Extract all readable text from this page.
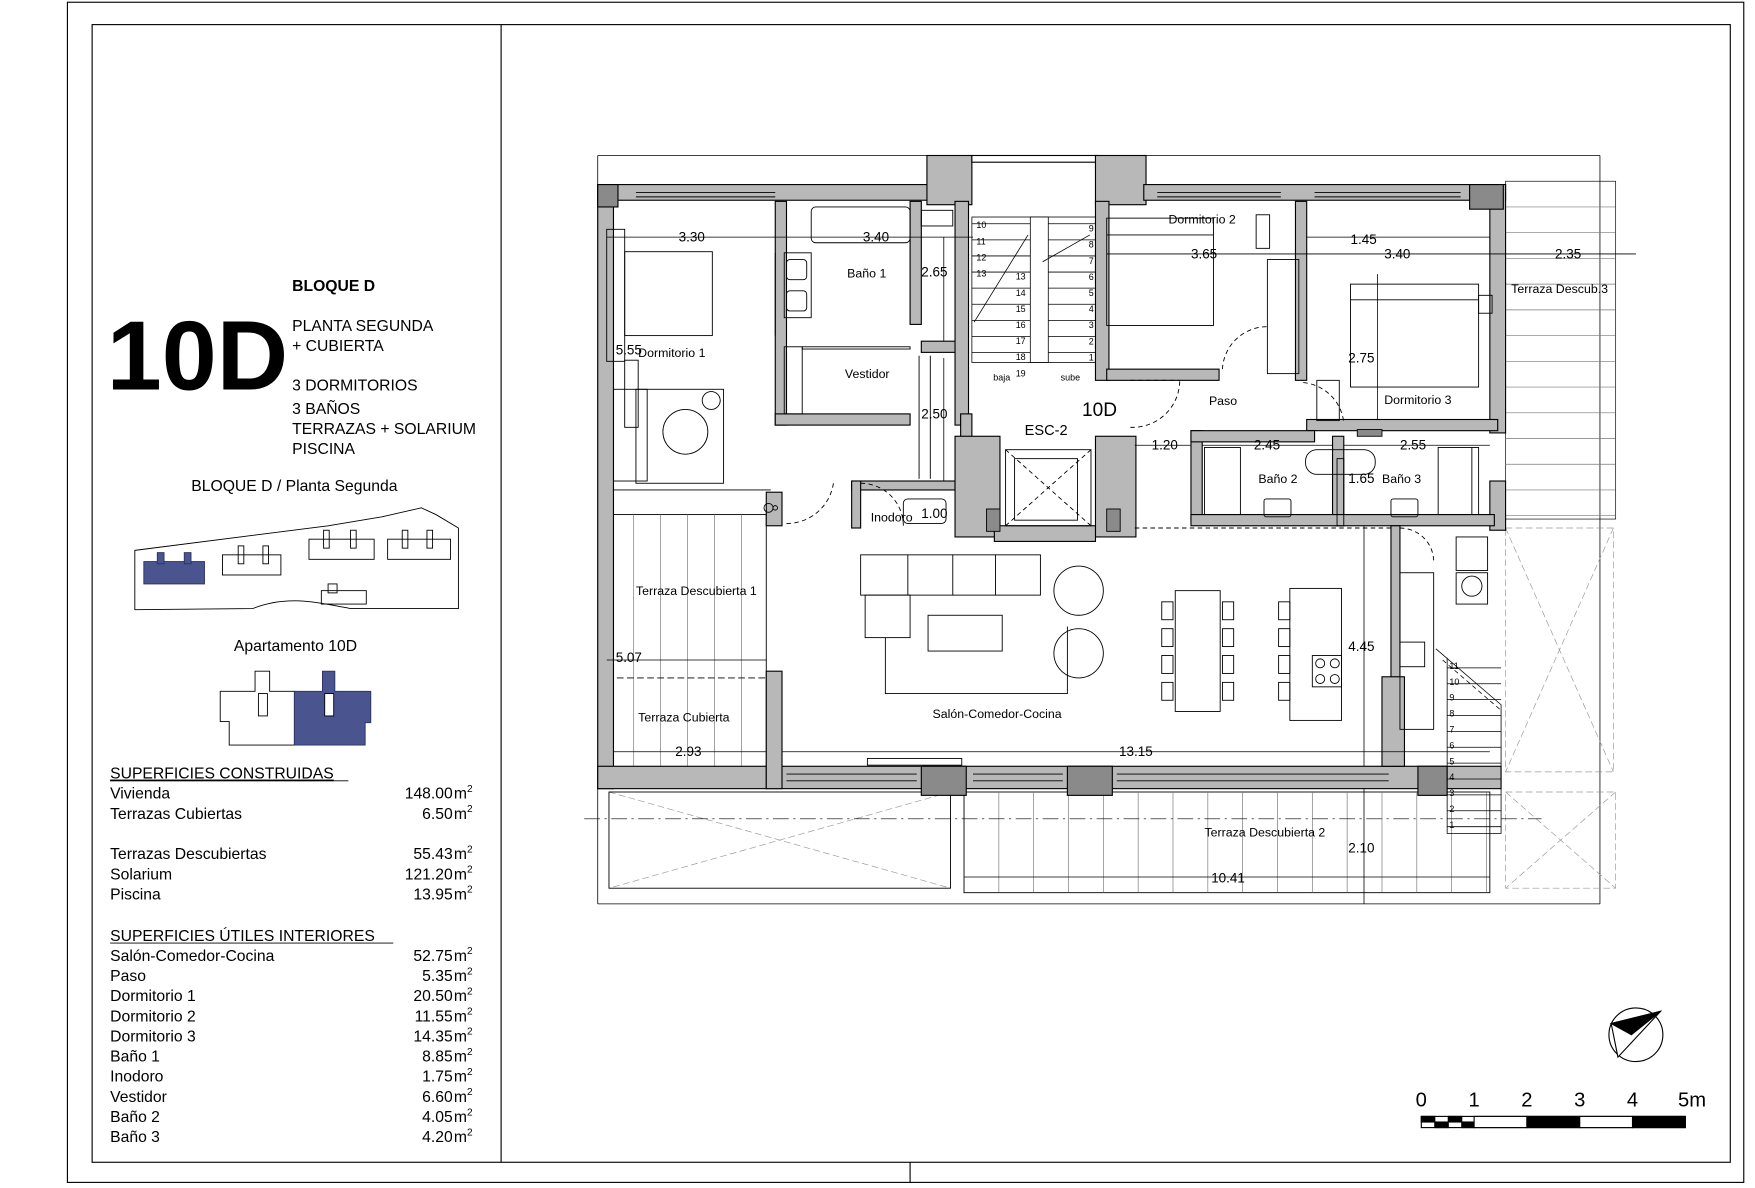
BLOQUE D
10D PLANTA SEGUNDA
+ CUBIERTA
3 DORMITORIOS
3 BAÑOS
TERRAZAS + SOLARIUM
PISCINA
BLOQUE D / Planta Segunda
Apartamento 10D
SUPERFICIES CONSTRUIDAS
Vivienda	148.00 $m^2$
Terrazas Cubiertas	6.50 $m^2$
Terrazas Descubiertas	55.43 $m^2$
Solarium	121.20 $m^2$
Piscina	13.95 $m^2$
SUPERFICIES ÚTILES INTERIORES
Salón-Comedor-Cocina	52.75 $m^2$
Paso	5.35 $m^2$
Dormitorio 1	20.50 $m^2$
Dormitorio 2	11.55 $m^2$
Dormitorio 3	14.35 $m^2$
Baño 1	8.85 $m^2$
Inodoro	1.75 $m^2$
Vestidor	6.60 $m^2$
Baño 2	4.05 $m^2$
Baño 3	4.20 $m^2$
Dormitorio 1
Baño 1
Vestidor
Inodoro
Dormitorio 2
Dormitorio 3
Paso
Baño 2	Baño 3
Salón-Comedor-Cocina
Terraza Descubierta 1
Terraza Cubierta
Terraza Descubierta 2
Terraza Descub.3
ESC-2
10D
baja	sube
3.30	3.40
2.65
5.55
2.50
1.00
3.65
1.45
3.40	2.35
2.75
1.20	2.45	2.55
1.65
4.45
5.07
2.93	13.15
2.10
10.41
10
11
12
13	13
14
15
16
17
18
19
9
8
7
6
5
4
3
2
1
11
10
9
8
7
6
5
4
3
2
1
0 1 2 3 4 5m
